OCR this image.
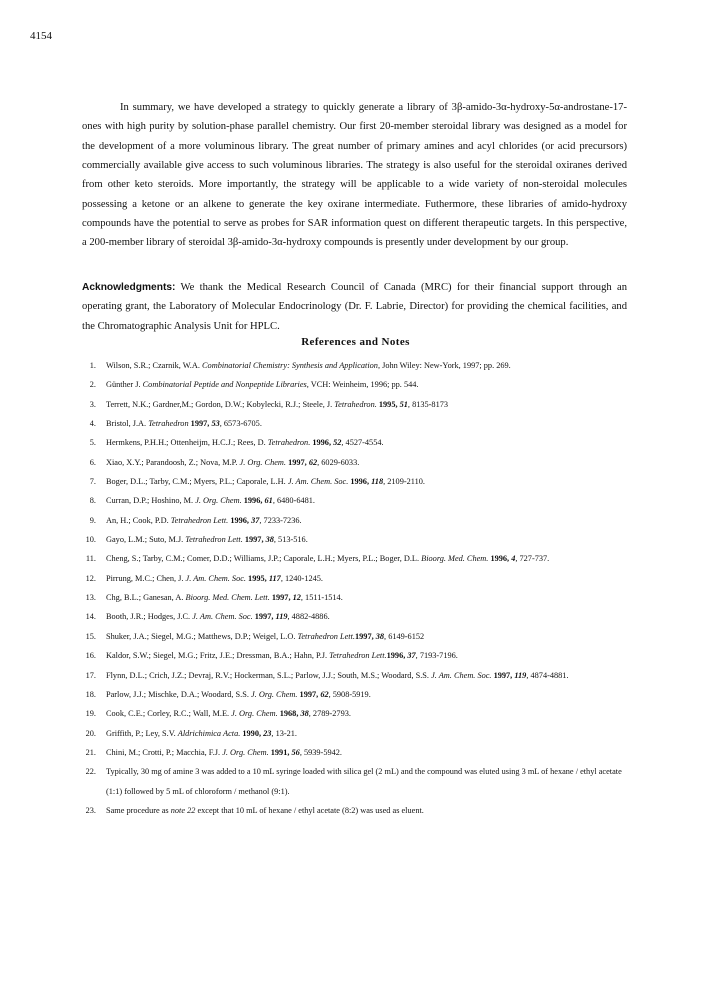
4154

In summary, we have developed a strategy to quickly generate a library of 3β-amido-3α-hydroxy-5α-androstane-17-ones with high purity by solution-phase parallel chemistry. Our first 20-member steroidal library was designed as a model for the development of a more voluminous library. The great number of primary amines and acyl chlorides (or acid precursors) commercially available give access to such voluminous libraries. The strategy is also useful for the steroidal oxiranes derived from other keto steroids. More importantly, the strategy will be applicable to a wide variety of non-steroidal molecules possessing a ketone or an alkene to generate the key oxirane intermediate. Futhermore, these libraries of amido-hydroxy compounds have the potential to serve as probes for SAR information quest on different therapeutic targets. In this perspective, a 200-member library of steroidal 3β-amido-3α-hydroxy compounds is presently under development by our group.

Acknowledgments: We thank the Medical Research Council of Canada (MRC) for their financial support through an operating grant, the Laboratory of Molecular Endocrinology (Dr. F. Labrie, Director) for providing the chemical facilities, and the Chromatographic Analysis Unit for HPLC.

References and Notes
1. Wilson, S.R.; Czarnik, W.A. Combinatorial Chemistry: Synthesis and Application, John Wiley: New-York, 1997; pp. 269.
2. Günther J. Combinatorial Peptide and Nonpeptide Libraries, VCH: Weinheim, 1996; pp. 544.
3. Terrett, N.K.; Gardner,M.; Gordon, D.W.; Kobylecki, R.J.; Steele, J. Tetrahedron. 1995, 51, 8135-8173
4. Bristol, J.A. Tetrahedron 1997, 53, 6573-6705.
5. Hermkens, P.H.H.; Ottenheijm, H.C.J.; Rees, D. Tetrahedron. 1996, 52, 4527-4554.
6. Xiao, X.Y.; Parandoosh, Z.; Nova, M.P. J. Org. Chem. 1997, 62, 6029-6033.
7. Boger, D.L.; Tarby, C.M.; Myers, P.L.; Caporale, L.H. J. Am. Chem. Soc. 1996, 118, 2109-2110.
8. Curran, D.P.; Hoshino, M. J. Org. Chem. 1996, 61, 6480-6481.
9. An, H.; Cook, P.D. Tetrahedron Lett. 1996, 37, 7233-7236.
10. Gayo, L.M.; Suto, M.J. Tetrahedron Lett. 1997, 38, 513-516.
11. Cheng, S.; Tarby, C.M.; Comer, D.D.; Williams, J.P.; Caporale, L.H.; Myers, P.L.; Boger, D.L. Bioorg. Med. Chem. 1996, 4, 727-737.
12. Pirrung, M.C.; Chen, J. J. Am. Chem. Soc. 1995, 117, 1240-1245.
13. Chg, B.L.; Ganesan, A. Bioorg. Med. Chem. Lett. 1997, 12, 1511-1514.
14. Booth, J.R.; Hodges, J.C. J. Am. Chem. Soc. 1997, 119, 4882-4886.
15. Shuker, J.A.; Siegel, M.G.; Matthews, D.P.; Weigel, L.O. Tetrahedron Lett.1997, 38, 6149-6152
16. Kaldor, S.W.; Siegel, M.G.; Fritz, J.E.; Dressman, B.A.; Hahn, P.J. Tetrahedron Lett.1996, 37, 7193-7196.
17. Flynn, D.L.; Crich, J.Z.; Devraj, R.V.; Hockerman, S.L.; Parlow, J.J.; South, M.S.; Woodard, S.S. J. Am. Chem. Soc. 1997, 119, 4874-4881.
18. Parlow, J.J.; Mischke, D.A.; Woodard, S.S. J. Org. Chem. 1997, 62, 5908-5919.
19. Cook, C.E.; Corley, R.C.; Wall, M.E. J. Org. Chem. 1968, 38, 2789-2793.
20. Griffith, P.; Ley, S.V. Aldrichimica Acta. 1990, 23, 13-21.
21. Chini, M.; Crotti, P.; Macchia, F.J. J. Org. Chem. 1991, 56, 5939-5942.
22. Typically, 30 mg of amine 3 was added to a 10 mL syringe loaded with silica gel (2 mL) and the compound was eluted using 3 mL of hexane / ethyl acetate (1:1) followed by 5 mL of chloroform / methanol (9:1).
23. Same procedure as note 22 except that 10 mL of hexane / ethyl acetate (8:2) was used as eluent.
